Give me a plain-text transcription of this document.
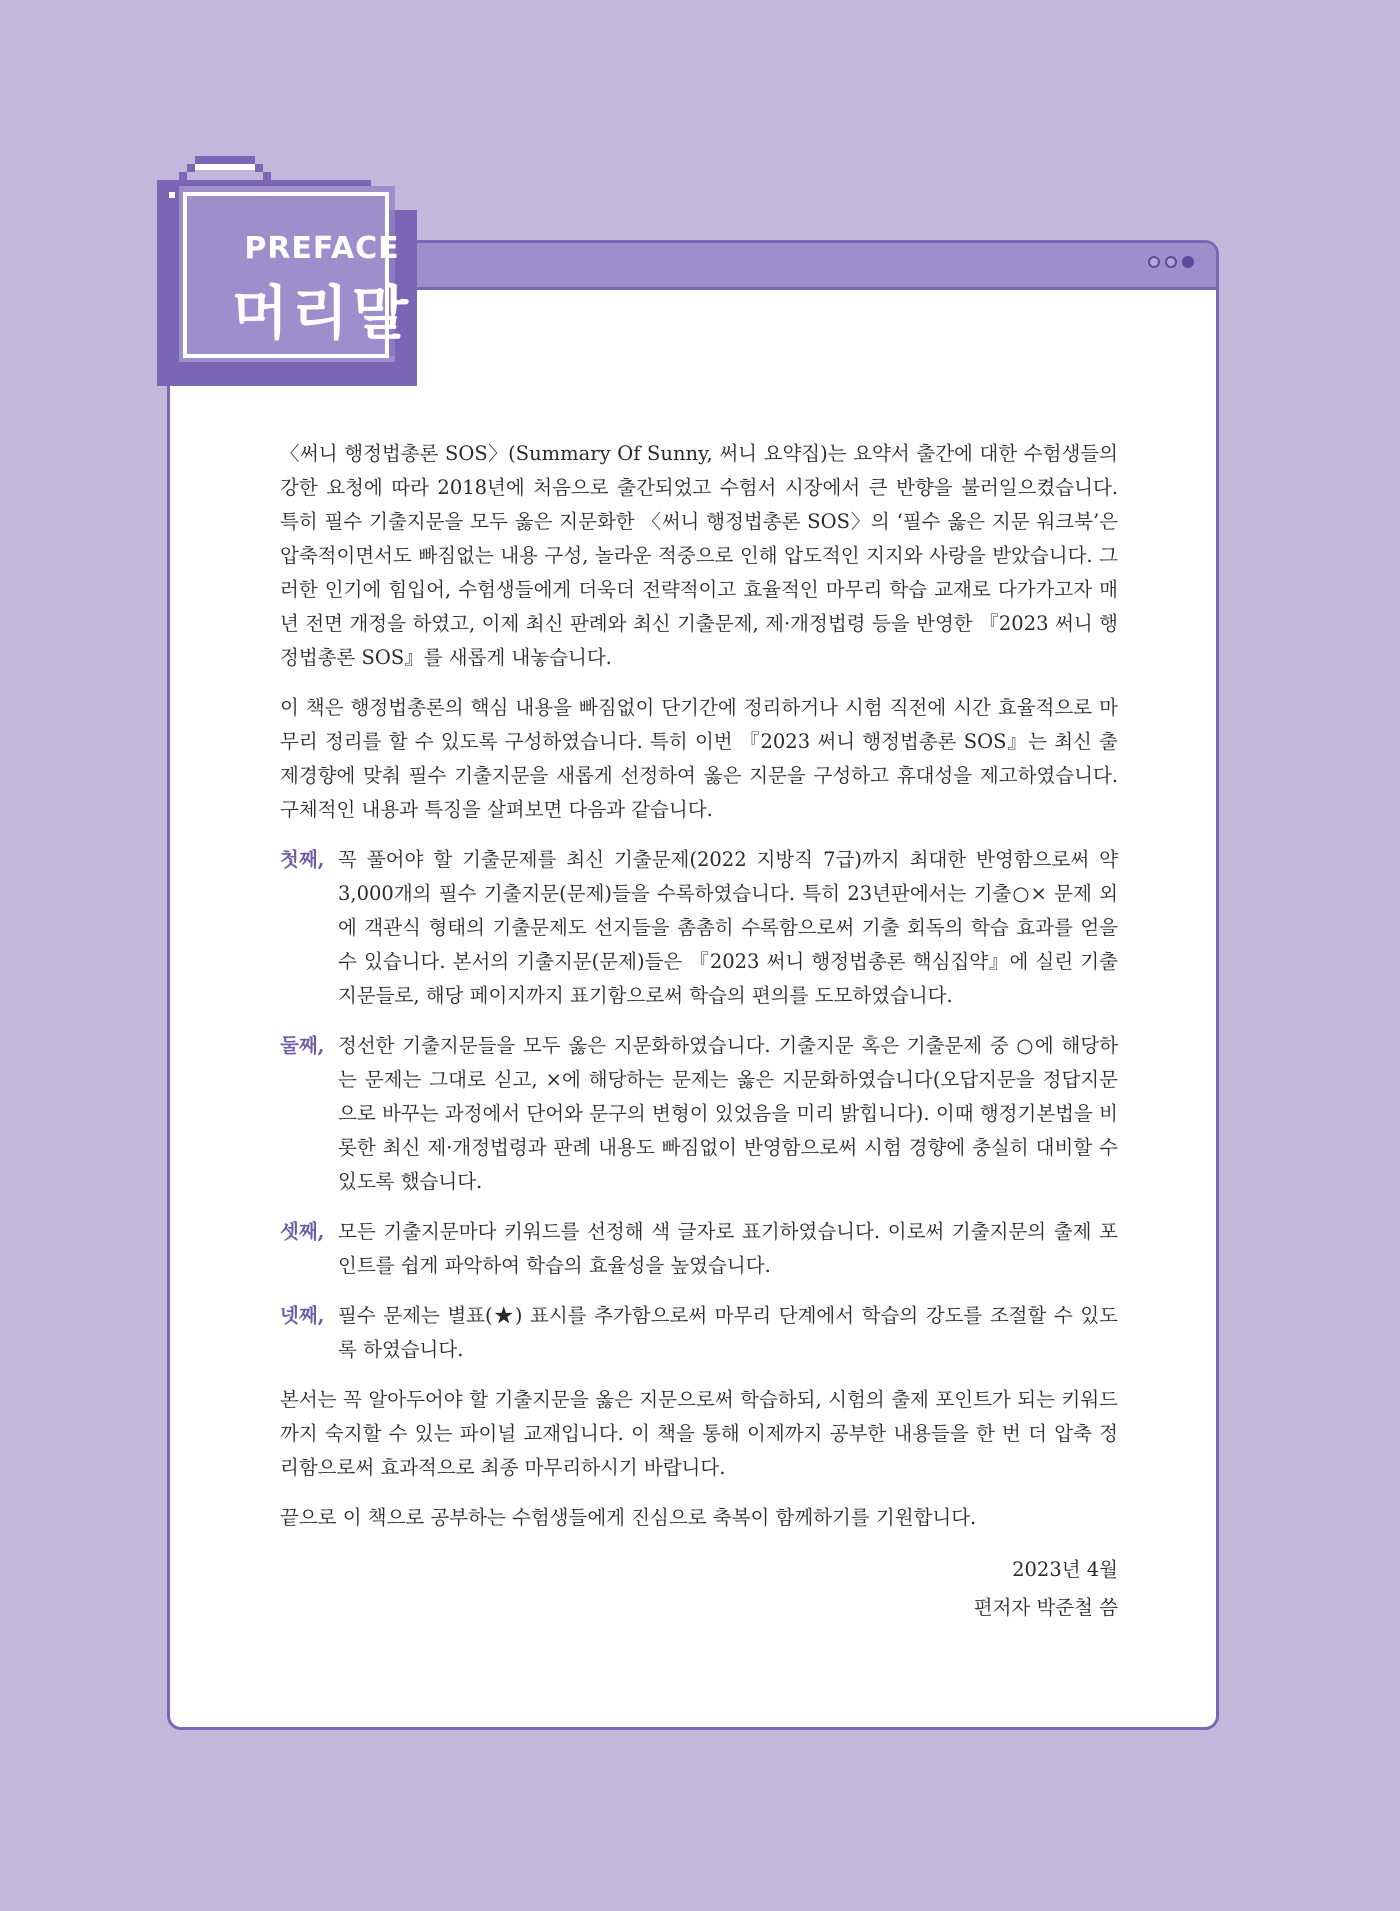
PREFACE
머리말

〈써니 행정법총론 SOS〉(Summary Of Sunny, 써니 요약집)는 요약서 출간에 대한 수험생들의 강한 요청에 따라 2018년에 처음으로 출간되었고 수험서 시장에서 큰 반향을 불러일으켰습니다. 특히 필수 기출지문을 모두 옳은 지문화한 〈써니 행정법총론 SOS〉의 ‘필수 옳은 지문 워크북’은 압축적이면서도 빠짐없는 내용 구성, 놀라운 적중으로 인해 압도적인 지지와 사랑을 받았습니다. 그러한 인기에 힘입어, 수험생들에게 더욱더 전략적이고 효율적인 마무리 학습 교재로 다가가고자 매년 전면 개정을 하였고, 이제 최신 판례와 최신 기출문제, 제·개정법령 등을 반영한 『2023 써니 행정법총론 SOS』를 새롭게 내놓습니다.

이 책은 행정법총론의 핵심 내용을 빠짐없이 단기간에 정리하거나 시험 직전에 시간 효율적으로 마무리 정리를 할 수 있도록 구성하였습니다. 특히 이번 『2023 써니 행정법총론 SOS』는 최신 출제경향에 맞춰 필수 기출지문을 새롭게 선정하여 옳은 지문을 구성하고 휴대성을 제고하였습니다. 구체적인 내용과 특징을 살펴보면 다음과 같습니다.

첫째, 꼭 풀어야 할 기출문제를 최신 기출문제(2022 지방직 7급)까지 최대한 반영함으로써 약 3,000개의 필수 기출지문(문제)들을 수록하였습니다. 특히 23년판에서는 기출○× 문제 외에 객관식 형태의 기출문제도 선지들을 촘촘히 수록함으로써 기출 회독의 학습 효과를 얻을 수 있습니다. 본서의 기출지문(문제)들은 『2023 써니 행정법총론 핵심집약』에 실린 기출지문들로, 해당 페이지까지 표기함으로써 학습의 편의를 도모하였습니다.
둘째, 정선한 기출지문들을 모두 옳은 지문화하였습니다. 기출지문 혹은 기출문제 중 ○에 해당하는 문제는 그대로 싣고, ×에 해당하는 문제는 옳은 지문화하였습니다(오답지문을 정답지문으로 바꾸는 과정에서 단어와 문구의 변형이 있었음을 미리 밝힙니다). 이때 행정기본법을 비롯한 최신 제·개정법령과 판례 내용도 빠짐없이 반영함으로써 시험 경향에 충실히 대비할 수 있도록 했습니다.
셋째, 모든 기출지문마다 키워드를 선정해 색 글자로 표기하였습니다. 이로써 기출지문의 출제 포인트를 쉽게 파악하여 학습의 효율성을 높였습니다.
넷째, 필수 문제는 별표(★) 표시를 추가함으로써 마무리 단계에서 학습의 강도를 조절할 수 있도록 하였습니다.

본서는 꼭 알아두어야 할 기출지문을 옳은 지문으로써 학습하되, 시험의 출제 포인트가 되는 키워드까지 숙지할 수 있는 파이널 교재입니다. 이 책을 통해 이제까지 공부한 내용들을 한 번 더 압축 정리함으로써 효과적으로 최종 마무리하시기 바랍니다.

끝으로 이 책으로 공부하는 수험생들에게 진심으로 축복이 함께하기를 기원합니다.

2023년 4월
편저자 박준철 씀
